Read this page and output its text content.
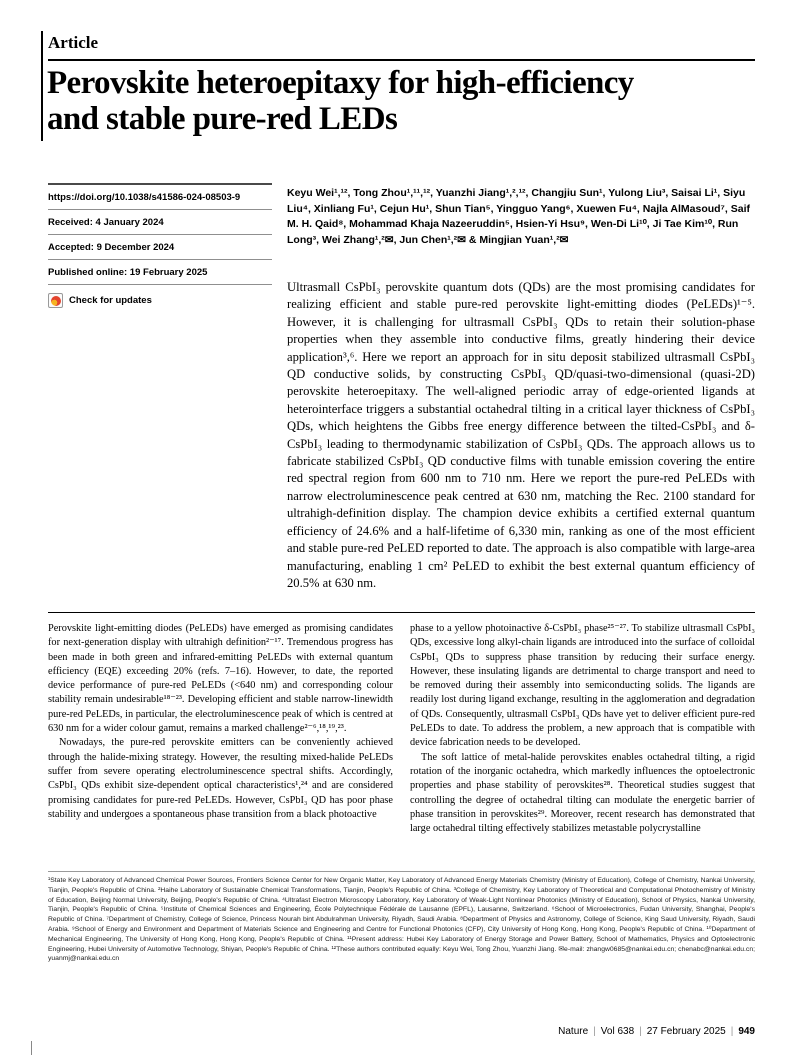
Article
Perovskite heteroepitaxy for high-efficiency
and stable pure-red LEDs
https://doi.org/10.1038/s41586-024-08503-9
Received: 4 January 2024
Accepted: 9 December 2024
Published online: 19 February 2025
Check for updates
Keyu Wei¹,¹², Tong Zhou¹,¹¹,¹², Yuanzhi Jiang¹,²,¹², Changjiu Sun¹, Yulong Liu³, Saisai Li¹, Siyu Liu⁴, Xinliang Fu¹, Cejun Hu¹, Shun Tian⁵, Yingguo Yang⁶, Xuewen Fu⁴, Najla AlMasoud⁷, Saif M. H. Qaid⁸, Mohammad Khaja Nazeeruddin⁵, Hsien-Yi Hsu⁹, Wen-Di Li¹⁰, Ji Tae Kim¹⁰, Run Long³, Wei Zhang¹,²✉, Jun Chen¹,²✉ & Mingjian Yuan¹,²✉
Ultrasmall CsPbI₃ perovskite quantum dots (QDs) are the most promising candidates for realizing efficient and stable pure-red perovskite light-emitting diodes (PeLEDs)¹⁻⁵. However, it is challenging for ultrasmall CsPbI₃ QDs to retain their solution-phase properties when they assemble into conductive films, greatly hindering their device application³,⁶. Here we report an approach for in situ deposit stabilized ultrasmall CsPbI₃ QD conductive solids, by constructing CsPbI₃ QD/quasi-two-dimensional (quasi-2D) perovskite heteroepitaxy. The well-aligned periodic array of edge-oriented ligands at heterointerface triggers a substantial octahedral tilting in a critical layer thickness of CsPbI₃ QDs, which heightens the Gibbs free energy difference between the tilted-CsPbI₃ and δ-CsPbI₃ leading to thermodynamic stabilization of CsPbI₃ QDs. The approach allows us to fabricate stabilized CsPbI₃ QD conductive films with tunable emission covering the entire red spectral region from 600 nm to 710 nm. Here we report the pure-red PeLEDs with narrow electroluminescence peak centred at 630 nm, matching the Rec. 2100 standard for ultrahigh-definition display. The champion device exhibits a certified external quantum efficiency of 24.6% and a half-lifetime of 6,330 min, ranking as one of the most efficient and stable pure-red PeLED reported to date. The approach is also compatible with large-area manufacturing, enabling 1 cm² PeLED to exhibit the best external quantum efficiency of 20.5% at 630 nm.

Perovskite light-emitting diodes (PeLEDs) have emerged as promising candidates for next-generation display with ultrahigh definition²⁻¹⁷. Tremendous progress has been made in both green and infrared-emitting PeLEDs with external quantum efficiency (EQE) exceeding 20% (refs. 7–16). However, to date, the reported device performance of pure-red PeLEDs (<640 nm) and corresponding colour stability remain undesirable¹⁸⁻²³. Developing efficient and stable narrow-linewidth pure-red PeLEDs, in particular, the electroluminescence peak of which is centred at 630 nm for a wider colour gamut, remains a marked challenge²⁻⁶,¹⁸,¹⁹,²³.

Nowadays, the pure-red perovskite emitters can be conveniently achieved through the halide-mixing strategy. However, the resulting mixed-halide PeLEDs suffer from severe operating electroluminescence spectral shifts. Accordingly, CsPbI₃ QDs exhibit size-dependent optical characteristics¹,²⁴ and are considered promising candidates for pure-red PeLEDs. However, CsPbI₃ QD has poor phase stability and undergoes a spontaneous phase transition from a black photoactive

phase to a yellow photoinactive δ-CsPbI₃ phase²⁵⁻²⁷. To stabilize ultrasmall CsPbI₃ QDs, excessive long alkyl-chain ligands are introduced into the surface of colloidal CsPbI₃ QDs to suppress phase transition by reducing their surface energy. However, these insulating ligands are detrimental to charge transport and need to be removed during their assembly into semiconducting solids. The ligands are readily lost during ligand exchange, resulting in the agglomeration and degradation of QDs. Consequently, ultrasmall CsPbI₃ QDs have yet to deliver efficient pure-red PeLEDs to date. To address the problem, a new approach that is compatible with device fabrication needs to be developed.

The soft lattice of metal-halide perovskites enables octahedral tilting, a rigid rotation of the inorganic octahedra, which markedly influences the optoelectronic properties and phase stability of perovskites²⁸. Theoretical studies suggest that controlling the degree of octahedral tilting can modulate the energetic barrier of phase transition in perovskites²⁹. Moreover, recent research has demonstrated that large octahedral tilting effectively stabilizes metastable polycrystalline

¹State Key Laboratory of Advanced Chemical Power Sources, Frontiers Science Center for New Organic Matter, Key Laboratory of Advanced Energy Materials Chemistry (Ministry of Education), College of Chemistry, Nankai University, Tianjin, People's Republic of China. ²Haihe Laboratory of Sustainable Chemical Transformations, Tianjin, People's Republic of China. ³College of Chemistry, Key Laboratory of Theoretical and Computational Photochemistry of Ministry of Education, Beijing Normal University, Beijing, People's Republic of China. ⁴Ultrafast Electron Microscopy Laboratory, Key Laboratory of Weak-Light Nonlinear Photonics (Ministry of Education), School of Physics, Nankai University, Tianjin, People's Republic of China. ⁵Institute of Chemical Sciences and Engineering, École Polytechnique Fédérale de Lausanne (EPFL), Lausanne, Switzerland. ⁶School of Microelectronics, Fudan University, Shanghai, People's Republic of China. ⁷Department of Chemistry, College of Science, Princess Nourah bint Abdulrahman University, Riyadh, Saudi Arabia. ⁸Department of Physics and Astronomy, College of Science, King Saud University, Riyadh, Saudi Arabia. ⁹School of Energy and Environment and Department of Materials Science and Engineering and Centre for Functional Photonics (CFP), City University of Hong Kong, Hong Kong, People's Republic of China. ¹⁰Department of Mechanical Engineering, The University of Hong Kong, Hong Kong, People's Republic of China. ¹¹Present address: Hubei Key Laboratory of Energy Storage and Power Battery, School of Mathematics, Physics and Optoelectronic Engineering, Hubei University of Automotive Technology, Shiyan, People's Republic of China. ¹²These authors contributed equally: Keyu Wei, Tong Zhou, Yuanzhi Jiang. ✉e-mail: zhangw0685@nankai.edu.cn; chenabc@nankai.edu.cn; yuanmj@nankai.edu.cn
Nature | Vol 638 | 27 February 2025 | 949
